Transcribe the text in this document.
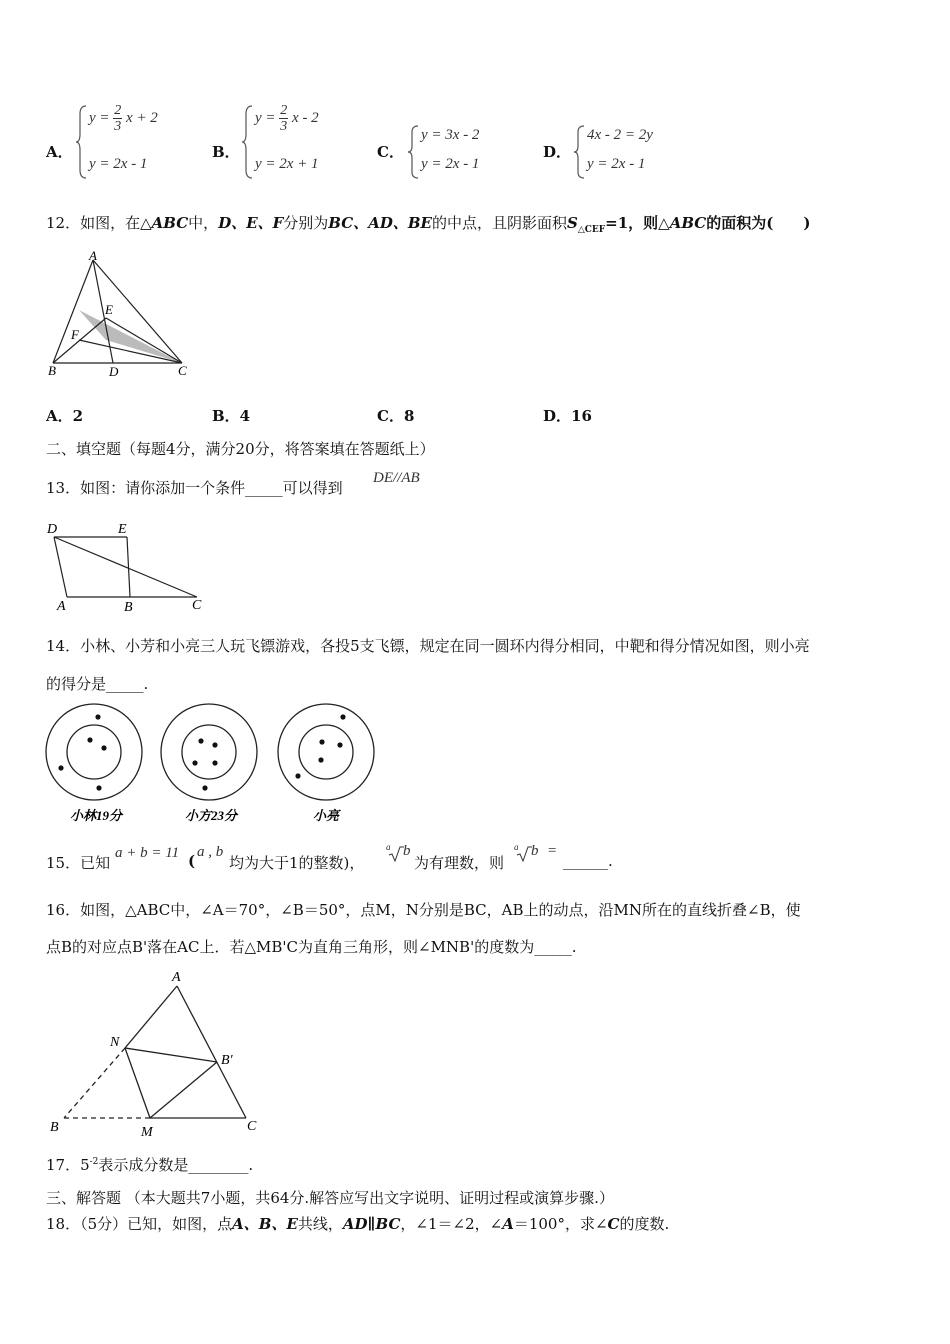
A．
$y = \frac{2}{3}$ x + 2
y = 2x - 1
B．
$y = \frac{2}{3}$ x - 2
y = 2x + 1
C．
y = 3x - 2
y = 2x - 1
D．
4x - 2 = 2y
y = 2x - 1
12．如图，在△ABC中，D、E、F分别为BC、AD、BE的中点，且阴影面积$S_{\triangle CEF}=1$，则△ABC的面积为(　　)
A
B	C
D
E
F
A．2	B．4	C．8	D．16
二、填空题（每题4分，满分20分，将答案填在答题纸上）
13．如图：请你添加一个条件_____可以得到
DE//AB
D	E
A	B	C
14．小林、小芳和小亮三人玩飞镖游戏，各投5支飞镖，规定在同一圆环内得分相同，中靶和得分情况如图，则小亮
的得分是_____.
小林19分	小方23分	小亮
15．已知
a + b = 11 ( a , b
均为大于1的整数)，
a b
为有理数，则
a b =
______.
16．如图，△ABC中，∠A＝70°，∠B＝50°，点M，N分别是BC，AB上的动点，沿MN所在的直线折叠∠B，使
点B的对应点B'落在AC上．若△MB'C为直角三角形，则∠MNB'的度数为_____.
A
N
B′
B	M	C
17．$5^{-2}$表示成分数是________.
三、解答题 （本大题共7小题，共64分.解答应写出文字说明、证明过程或演算步骤.）
18．（5分）已知，如图，点A、B、E共线，AD∥BC，∠1＝∠2，∠A＝100°，求∠C的度数.
